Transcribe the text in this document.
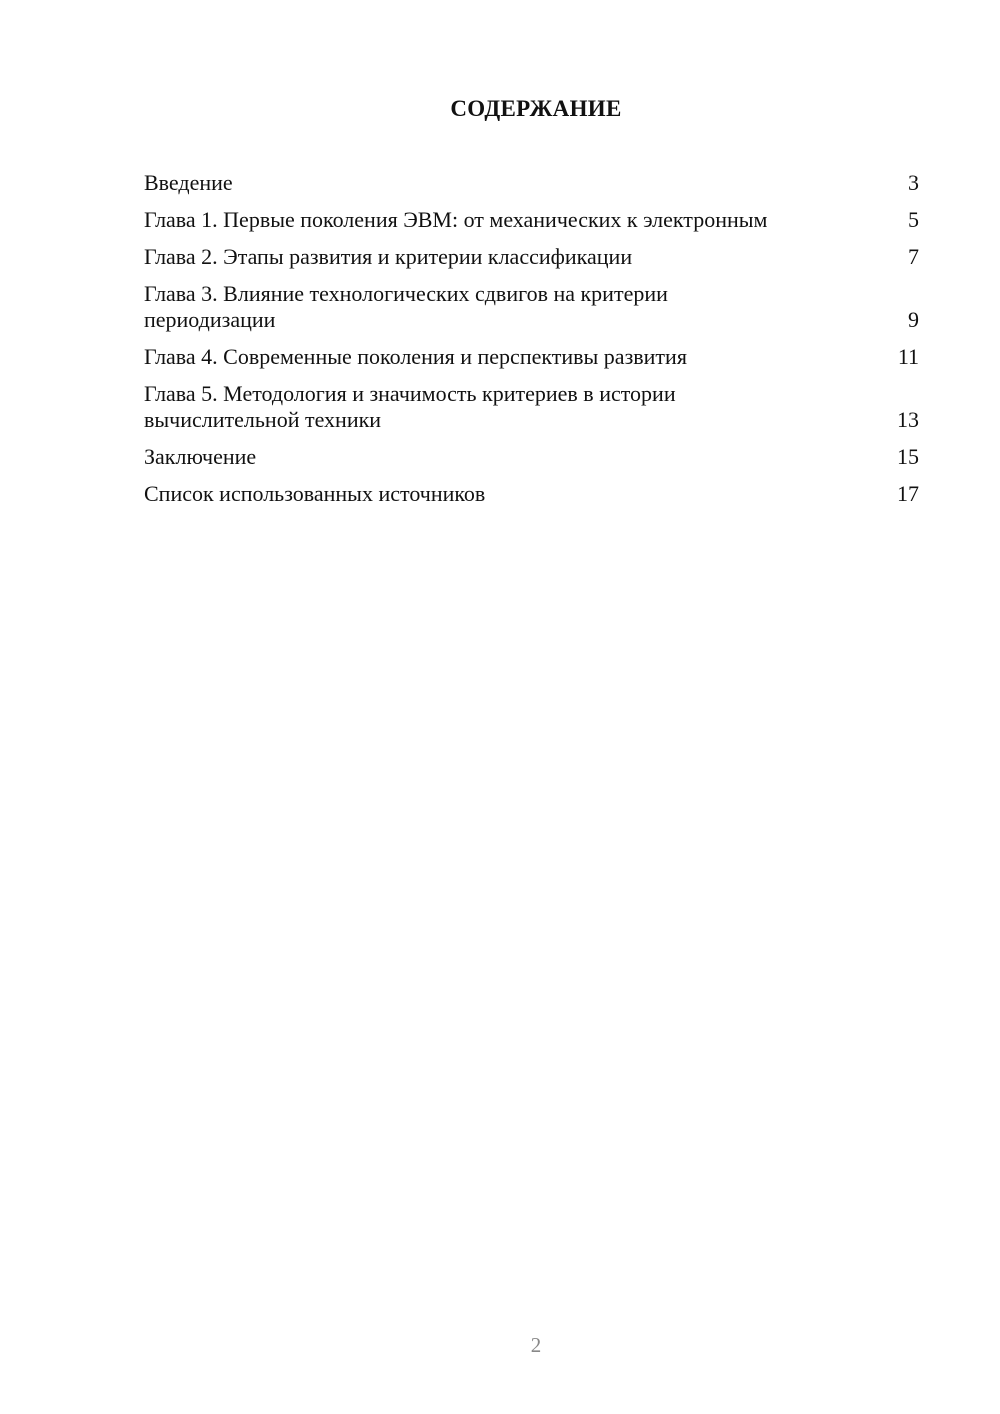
СОДЕРЖАНИЕ
Введение	3
Глава 1. Первые поколения ЭВМ: от механических к электронным	5
Глава 2. Этапы развития и критерии классификации	7
Глава 3. Влияние технологических сдвигов на критерии периодизации	9
Глава 4. Современные поколения и перспективы развития	11
Глава 5. Методология и значимость критериев в истории вычислительной техники	13
Заключение	15
Список использованных источников	17
2
